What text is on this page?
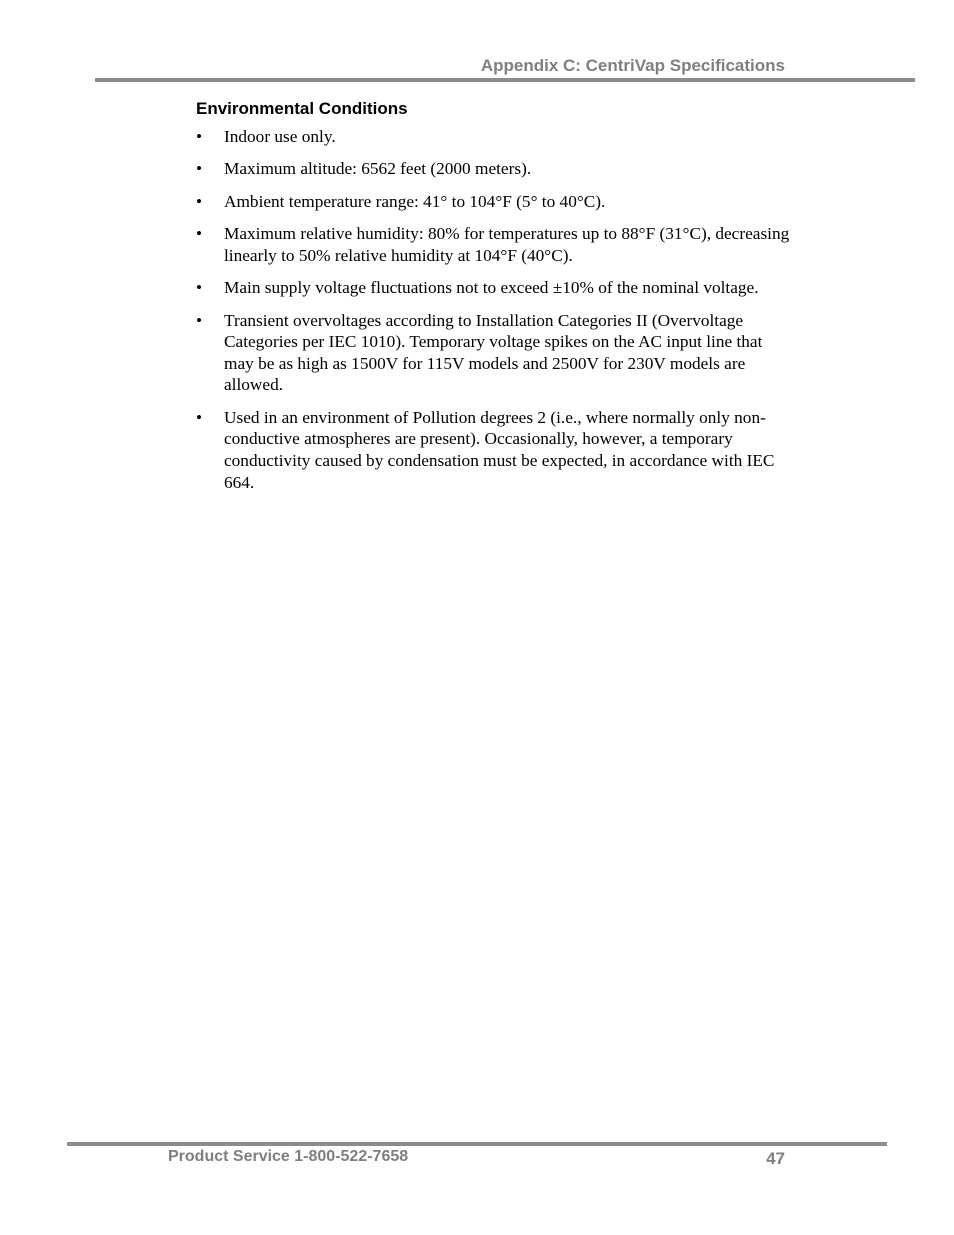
Appendix C: CentriVap Specifications
Environmental Conditions
•	Indoor use only.
•	Maximum altitude: 6562 feet (2000 meters).
•	Ambient temperature range: 41° to 104°F (5° to 40°C).
•	Maximum relative humidity: 80% for temperatures up to 88°F (31°C), decreasing linearly to 50% relative humidity at 104°F (40°C).
•	Main supply voltage fluctuations not to exceed ±10% of the nominal voltage.
•	Transient overvoltages according to Installation Categories II (Overvoltage Categories per IEC 1010). Temporary voltage spikes on the AC input line that may be as high as 1500V for 115V models and 2500V for 230V models are allowed.
•	Used in an environment of Pollution degrees 2 (i.e., where normally only non-conductive atmospheres are present). Occasionally, however, a temporary conductivity caused by condensation must be expected, in accordance with IEC 664.
Product Service 1-800-522-7658	47
